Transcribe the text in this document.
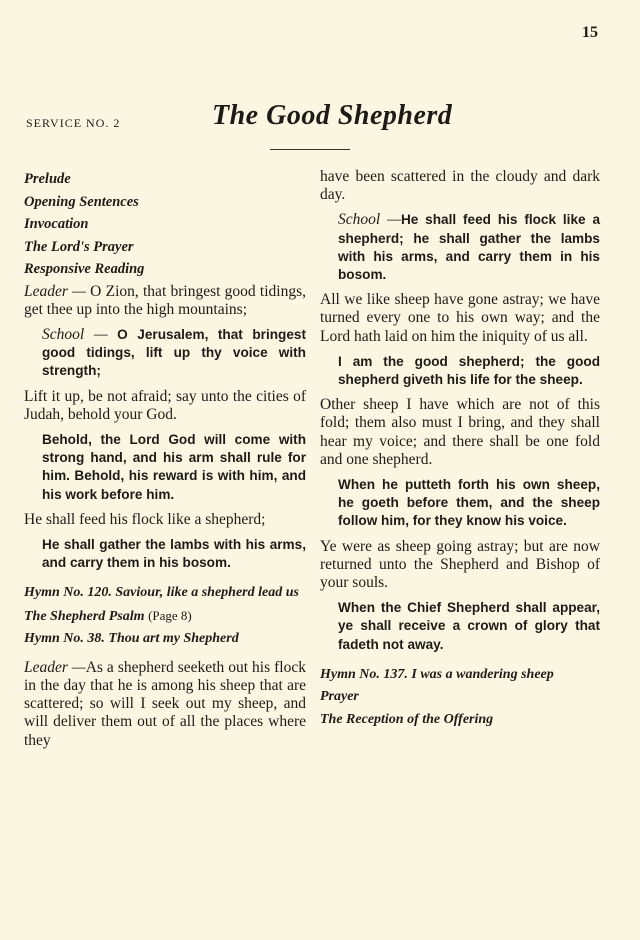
15
SERVICE NO. 2	The Good Shepherd
Prelude
Opening Sentences
Invocation
The Lord's Prayer
Responsive Reading

Leader — O Zion, that bringest good tidings, get thee up into the high mountains;

School — O Jerusalem, that bringest good tidings, lift up thy voice with strength;

Lift it up, be not afraid; say unto the cities of Judah, behold your God.

Behold, the Lord God will come with strong hand, and his arm shall rule for him. Behold, his reward is with him, and his work before him.

He shall feed his flock like a shepherd;

He shall gather the lambs with his arms, and carry them in his bosom.

Hymn No. 120. Saviour, like a shepherd lead us

The Shepherd Psalm (Page 8)

Hymn No. 38. Thou art my Shepherd

Leader —As a shepherd seeketh out his flock in the day that he is among his sheep that are scattered; so will I seek out my sheep, and will deliver them out of all the places where they

have been scattered in the cloudy and dark day.

School —He shall feed his flock like a shepherd; he shall gather the lambs with his arms, and carry them in his bosom.

All we like sheep have gone astray; we have turned every one to his own way; and the Lord hath laid on him the iniquity of us all.

I am the good shepherd; the good shepherd giveth his life for the sheep.

Other sheep I have which are not of this fold; them also must I bring, and they shall hear my voice; and there shall be one fold and one shepherd.

When he putteth forth his own sheep, he goeth before them, and the sheep follow him, for they know his voice.

Ye were as sheep going astray; but are now returned unto the Shepherd and Bishop of your souls.

When the Chief Shepherd shall appear, ye shall receive a crown of glory that fadeth not away.

Hymn No. 137. I was a wandering sheep

Prayer

The Reception of the Offering
